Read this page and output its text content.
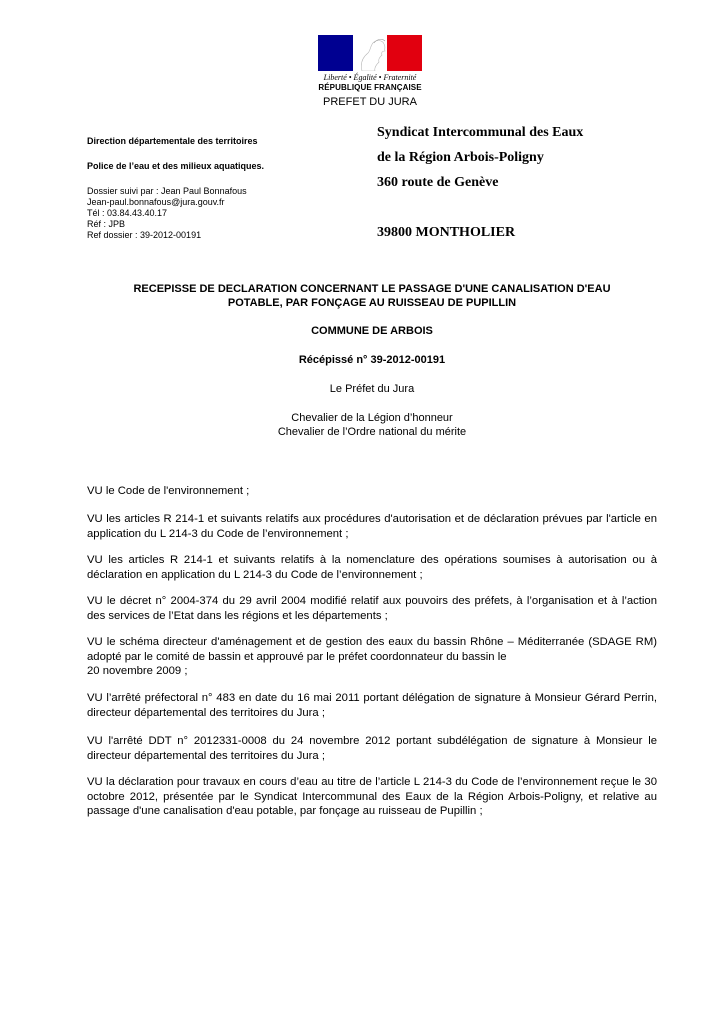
Liberté • Égalité • Fraternité
RÉPUBLIQUE FRANÇAISE
PREFET DU JURA
Direction départementale des territoires
Police de l’eau et des milieux aquatiques.
Dossier suivi par : Jean Paul Bonnafous
Jean-paul.bonnafous@jura.gouv.fr
Tél : 03.84.43.40.17
Réf : JPB
Ref dossier : 39-2012-00191
Syndicat Intercommunal des Eaux
de la Région Arbois-Poligny
360 route de Genève
39800 MONTHOLIER
RECEPISSE DE DECLARATION CONCERNANT LE PASSAGE D'UNE CANALISATION D'EAU
POTABLE, PAR FONÇAGE AU RUISSEAU DE PUPILLIN
COMMUNE DE ARBOIS
Récépissé n° 39-2012-00191
Le Préfet du Jura
Chevalier de la Légion d’honneur
Chevalier de l’Ordre national du mérite
VU le Code de l'environnement ;
VU les articles R 214-1 et suivants relatifs aux procédures d'autorisation et de déclaration prévues par l'article en application du L 214-3 du Code de l’environnement ;
VU les articles R 214-1 et suivants relatifs à la nomenclature des opérations soumises à autorisation ou à déclaration en application du L 214-3 du Code de l’environnement ;
VU le décret n° 2004-374 du 29 avril 2004 modifié relatif aux pouvoirs des préfets, à l’organisation et à l’action des services de l’Etat dans les régions et les départements ;
VU le schéma directeur d'aménagement et de gestion des eaux du bassin Rhône – Méditerranée (SDAGE RM) adopté par le comité de bassin et approuvé par le préfet coordonnateur du bassin le
20 novembre 2009 ;
VU l’arrêté préfectoral n° 483 en date du 16 mai 2011 portant délégation de signature à Monsieur Gérard Perrin, directeur départemental des territoires du Jura ;
VU l'arrêté DDT n° 2012331-0008 du 24 novembre 2012 portant subdélégation de signature à Monsieur le directeur départemental des territoires du Jura ;
VU la déclaration pour travaux en cours d’eau au titre de l’article L 214-3 du Code de l’environnement reçue le 30 octobre 2012, présentée par le Syndicat Intercommunal des Eaux de la Région Arbois-Poligny, et relative au passage d'une canalisation d'eau potable, par fonçage au ruisseau de Pupillin ;
